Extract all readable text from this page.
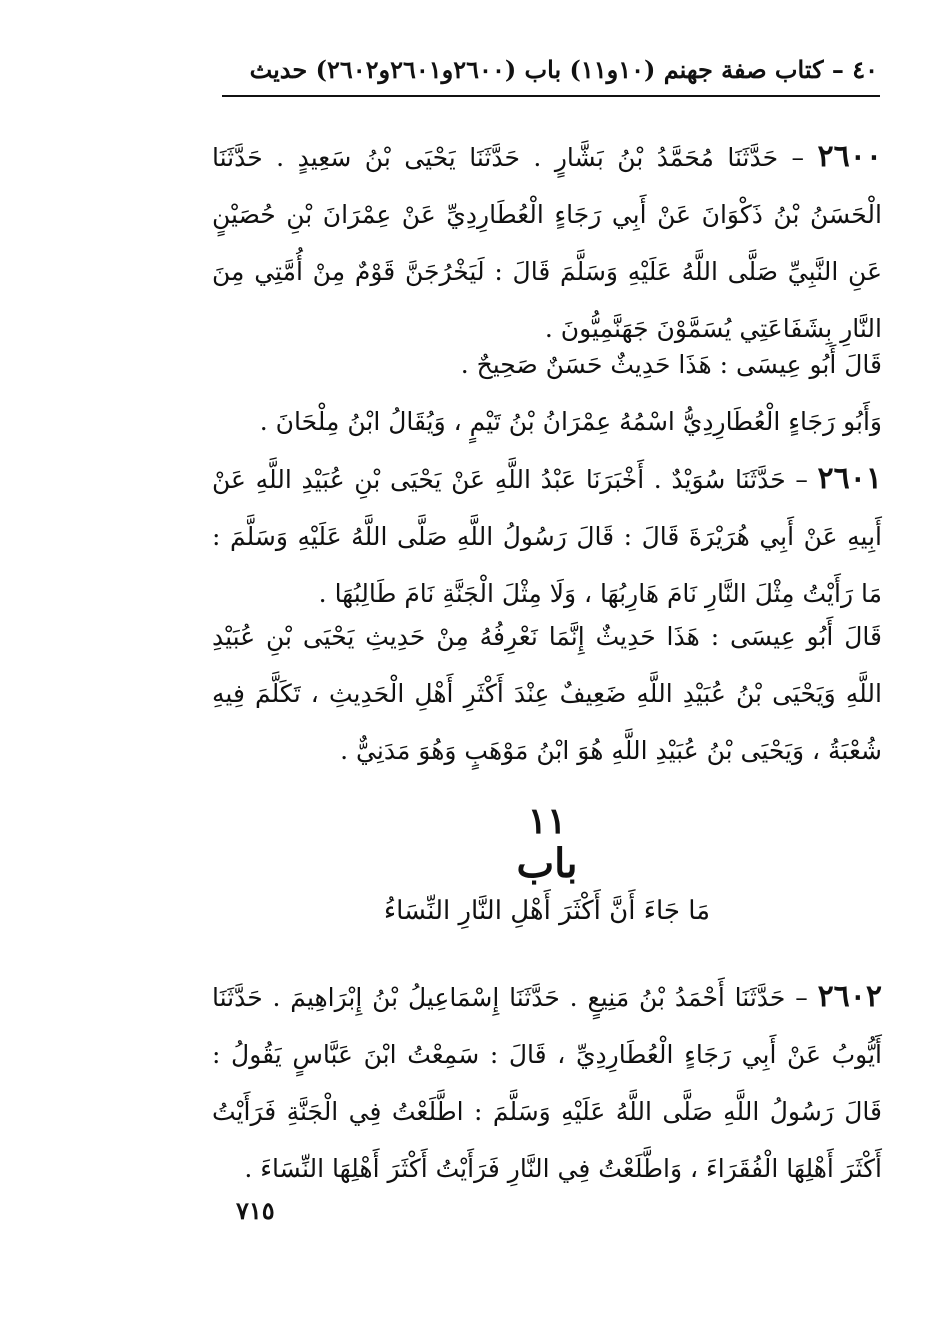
٤٠ – كتاب صفة جهنم (١٠و١١) باب (٢٦٠٠و٢٦٠١و٢٦٠٢) حديث

٢٦٠٠ – حَدَّثَنَا مُحَمَّدُ بْنُ بَشَّارٍ . حَدَّثَنَا يَحْيَى بْنُ سَعِيدٍ . حَدَّثَنَا الْحَسَنُ بْنُ ذَكْوَانَ عَنْ أَبِي رَجَاءٍ الْعُطَارِدِيِّ عَنْ عِمْرَانَ بْنِ حُصَيْنٍ عَنِ النَّبِيِّ صَلَّى اللَّهُ عَلَيْهِ وَسَلَّمَ قَالَ : لَيَخْرُجَنَّ قَوْمٌ مِنْ أُمَّتِي مِنَ النَّارِ بِشَفَاعَتِي يُسَمَّوْنَ جَهَنَّمِيُّونَ .

قَالَ أَبُو عِيسَى : هَذَا حَدِيثٌ حَسَنٌ صَحِيحٌ .

وَأَبُو رَجَاءٍ الْعُطَارِدِيُّ اسْمُهُ عِمْرَانُ بْنُ تَيْمٍ ، وَيُقَالُ ابْنُ مِلْحَانَ .

٢٦٠١ – حَدَّثَنَا سُوَيْدٌ . أَخْبَرَنَا عَبْدُ اللَّهِ عَنْ يَحْيَى بْنِ عُبَيْدِ اللَّهِ عَنْ أَبِيهِ عَنْ أَبِي هُرَيْرَةَ قَالَ : قَالَ رَسُولُ اللَّهِ صَلَّى اللَّهُ عَلَيْهِ وَسَلَّمَ : مَا رَأَيْتُ مِثْلَ النَّارِ نَامَ هَارِبُهَا ، وَلَا مِثْلَ الْجَنَّةِ نَامَ طَالِبُهَا .

قَالَ أَبُو عِيسَى : هَذَا حَدِيثٌ إِنَّمَا نَعْرِفُهُ مِنْ حَدِيثِ يَحْيَى بْنِ عُبَيْدِ اللَّهِ وَيَحْيَى بْنُ عُبَيْدِ اللَّهِ ضَعِيفٌ عِنْدَ أَكْثَرِ أَهْلِ الْحَدِيثِ ، تَكَلَّمَ فِيهِ شُعْبَةُ ، وَيَحْيَى بْنُ عُبَيْدِ اللَّهِ هُوَ ابْنُ مَوْهَبٍ وَهُوَ مَدَنِيٌّ .

١١

باب

مَا جَاءَ أَنَّ أَكْثَرَ أَهْلِ النَّارِ النِّسَاءُ

٢٦٠٢ – حَدَّثَنَا أَحْمَدُ بْنُ مَنِيعٍ . حَدَّثَنَا إِسْمَاعِيلُ بْنُ إِبْرَاهِيمَ . حَدَّثَنَا أَيُّوبُ عَنْ أَبِي رَجَاءٍ الْعُطَارِدِيِّ ، قَالَ : سَمِعْتُ ابْنَ عَبَّاسٍ يَقُولُ : قَالَ رَسُولُ اللَّهِ صَلَّى اللَّهُ عَلَيْهِ وَسَلَّمَ : اطَّلَعْتُ فِي الْجَنَّةِ فَرَأَيْتُ أَكْثَرَ أَهْلِهَا الْفُقَرَاءَ ، وَاطَّلَعْتُ فِي النَّارِ فَرَأَيْتُ أَكْثَرَ أَهْلِهَا النِّسَاءَ .

٧١٥
